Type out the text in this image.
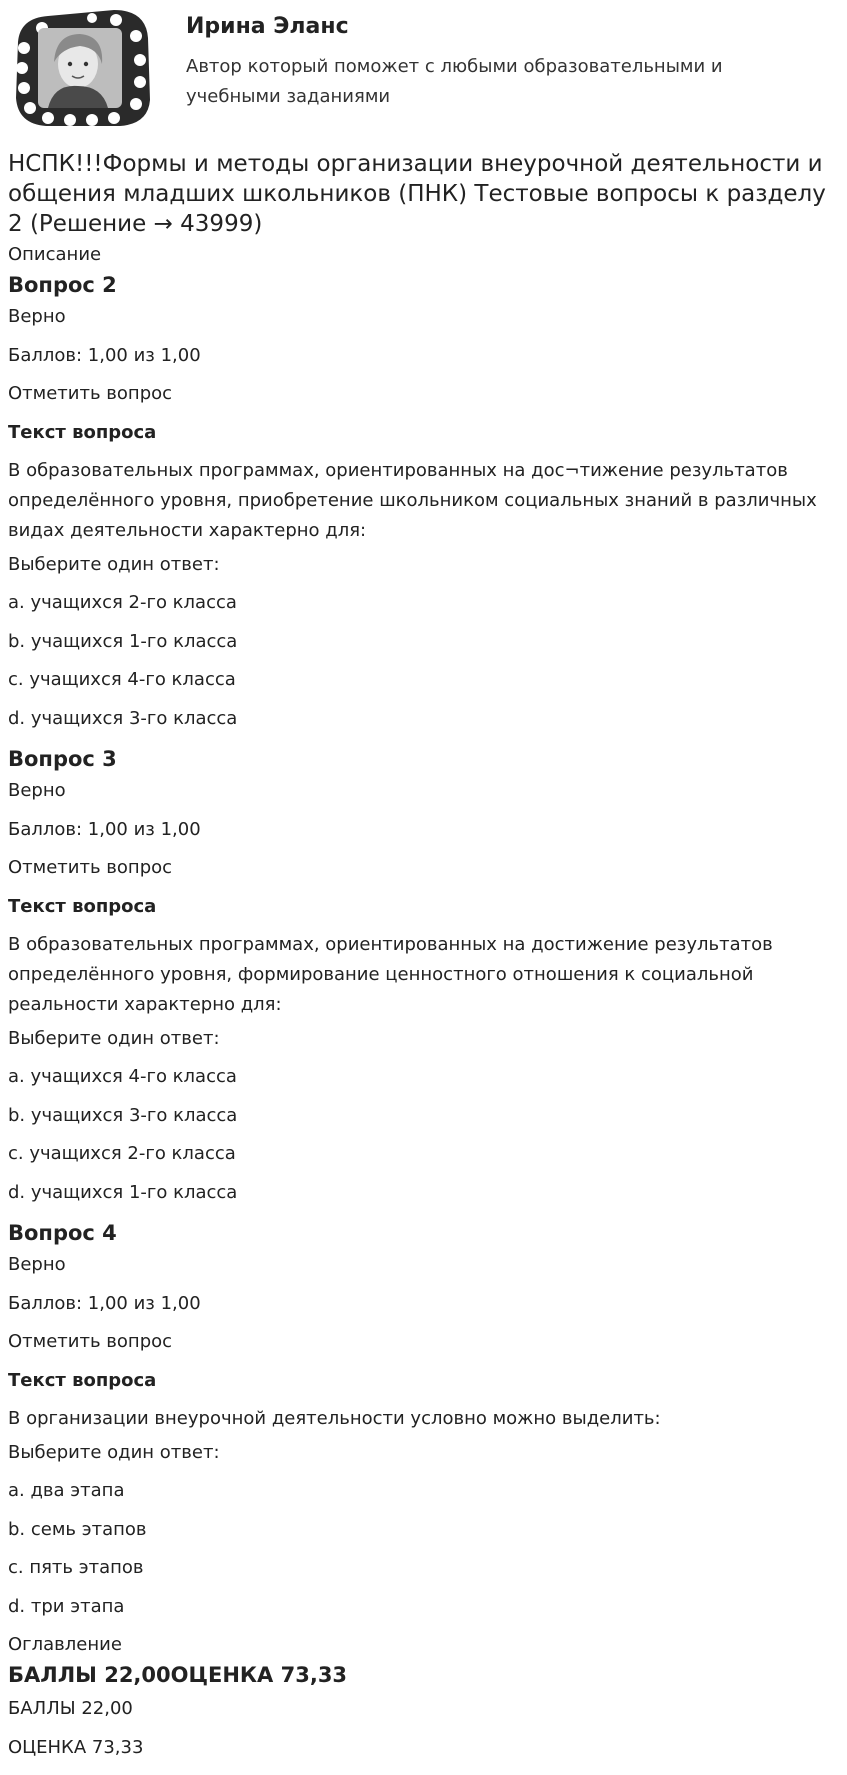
Ирина Эланс
Автор который поможет с любыми образовательными и учебными заданиями
НСПК!!!Формы и методы организации внеурочной деятельности и общения младших школьников (ПНК) Тестовые вопросы к разделу 2 (Решение → 43999)
Описание
Вопрос 2
Верно
Баллов: 1,00 из 1,00
Отметить вопрос
Текст вопроса
В образовательных программах, ориентированных на дос¬тижение результатов определённого уровня, приобретение школьником социальных знаний в различных видах деятельности характерно для:
Выберите один ответ:
a. учащихся 2-го класса
b. учащихся 1-го класса
c. учащихся 4-го класса
d. учащихся 3-го класса
Вопрос 3
Верно
Баллов: 1,00 из 1,00
Отметить вопрос
Текст вопроса
В образовательных программах, ориентированных на достижение результатов определённого уровня, формирование ценностного отношения к социальной реальности характерно для:
Выберите один ответ:
a. учащихся 4-го класса
b. учащихся 3-го класса
c. учащихся 2-го класса
d. учащихся 1-го класса
Вопрос 4
Верно
Баллов: 1,00 из 1,00
Отметить вопрос
Текст вопроса
В организации внеурочной деятельности условно можно выделить:
Выберите один ответ:
a. два этапа
b. семь этапов
c. пять этапов
d. три этапа
Оглавление
БАЛЛЫ 22,00ОЦЕНКА 73,33
БАЛЛЫ 22,00
ОЦЕНКА 73,33
